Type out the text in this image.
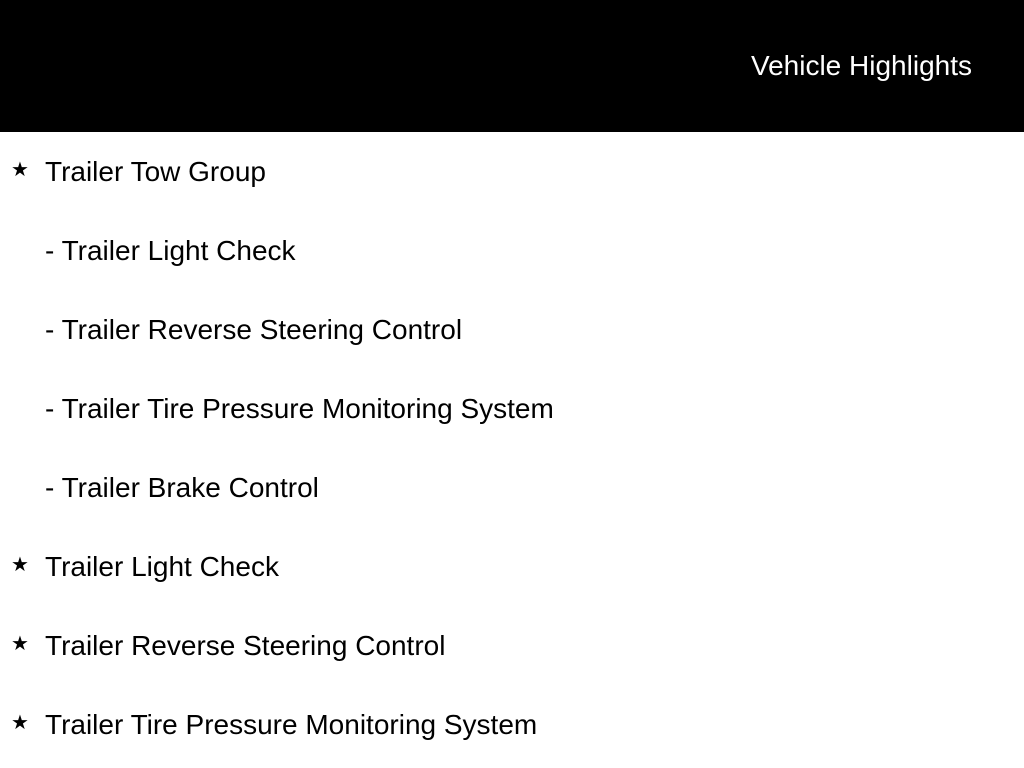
Vehicle Highlights
★ Trailer Tow Group
- Trailer Light Check
- Trailer Reverse Steering Control
- Trailer Tire Pressure Monitoring System
- Trailer Brake Control
★ Trailer Light Check
★ Trailer Reverse Steering Control
★ Trailer Tire Pressure Monitoring System
